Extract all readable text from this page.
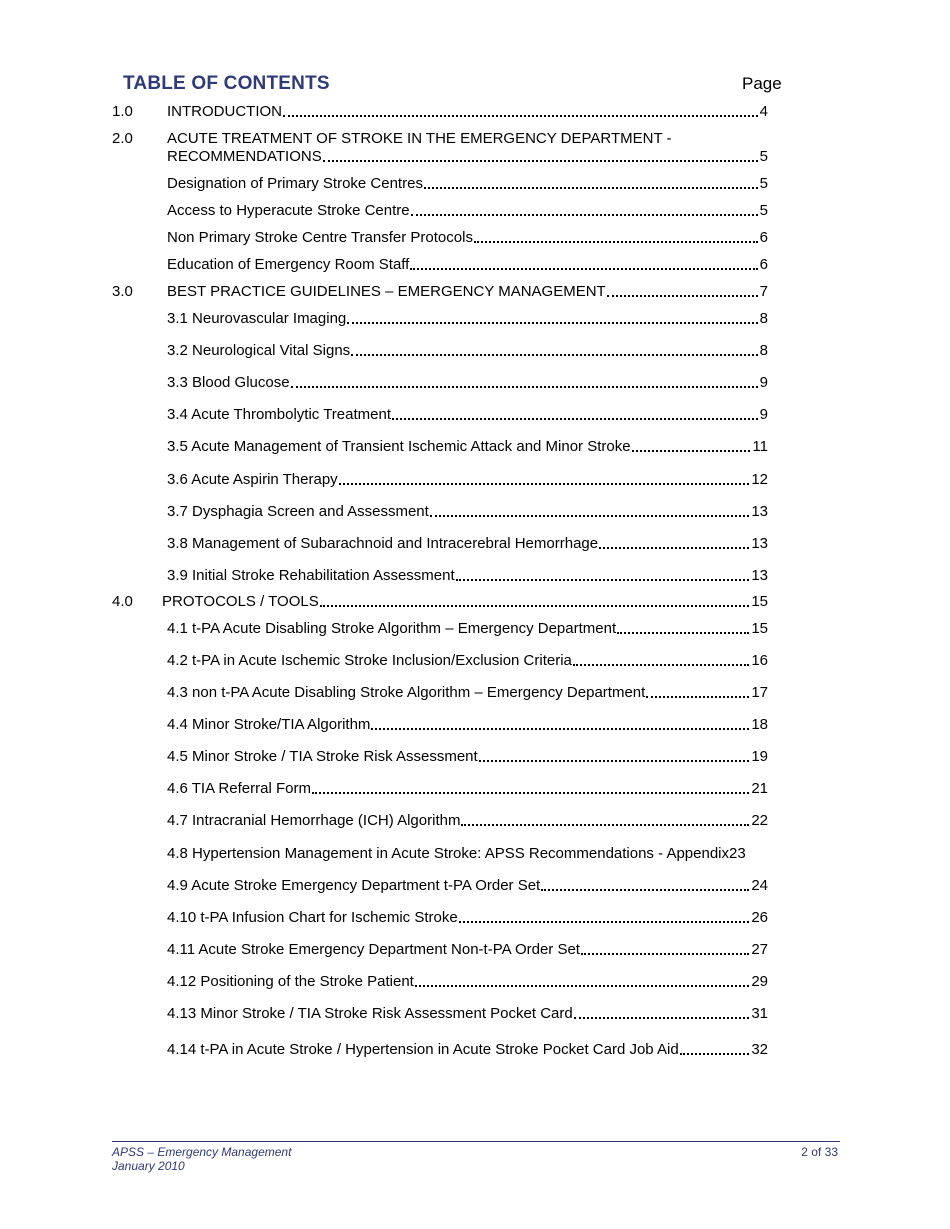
TABLE OF CONTENTS	Page
1.0 INTRODUCTION	4
2.0 ACUTE TREATMENT OF STROKE IN THE EMERGENCY DEPARTMENT -
RECOMMENDATIONS	5
Designation of Primary Stroke Centres	5
Access to Hyperacute Stroke Centre	5
Non Primary Stroke Centre Transfer Protocols	6
Education of Emergency Room Staff	6
3.0 BEST PRACTICE GUIDELINES – EMERGENCY MANAGEMENT	7
3.1 Neurovascular Imaging	8
3.2 Neurological Vital Signs	8
3.3 Blood Glucose	9
3.4 Acute Thrombolytic Treatment	9
3.5 Acute Management of Transient Ischemic Attack and Minor Stroke	11
3.6 Acute Aspirin Therapy	12
3.7 Dysphagia Screen and Assessment	13
3.8 Management of Subarachnoid and Intracerebral Hemorrhage	13
3.9 Initial Stroke Rehabilitation Assessment	13
4.0 PROTOCOLS / TOOLS	15
4.1 t-PA Acute Disabling Stroke Algorithm – Emergency Department	15
4.2 t-PA in Acute Ischemic Stroke Inclusion/Exclusion Criteria	16
4.3 non t-PA Acute Disabling Stroke Algorithm – Emergency Department	17
4.4 Minor Stroke/TIA Algorithm	18
4.5 Minor Stroke / TIA Stroke Risk Assessment	19
4.6 TIA Referral Form	21
4.7 Intracranial Hemorrhage (ICH) Algorithm	22
4.8 Hypertension Management in Acute Stroke: APSS Recommendations - Appendix 23
4.9 Acute Stroke Emergency Department t-PA Order Set	24
4.10 t-PA Infusion Chart for Ischemic Stroke	26
4.11 Acute Stroke Emergency Department Non-t-PA Order Set	27
4.12 Positioning of the Stroke Patient	29
4.13 Minor Stroke / TIA Stroke Risk Assessment Pocket Card	31
4.14 t-PA in Acute Stroke / Hypertension in Acute Stroke Pocket Card Job Aid	32
APSS – Emergency Management
January 2010
2 of 33
